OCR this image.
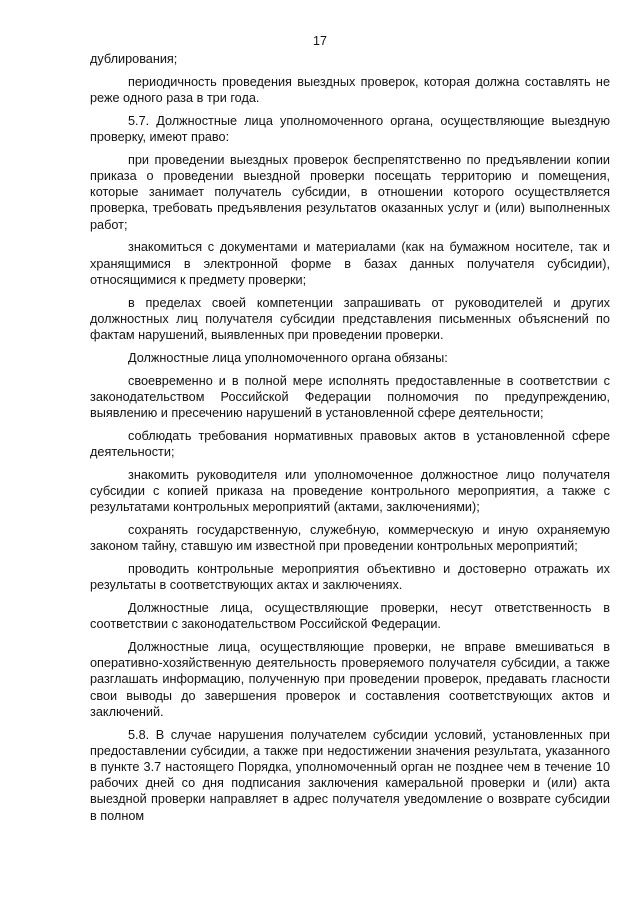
17

дублирования;

периодичность проведения выездных проверок, которая должна составлять не реже одного раза в три года.

5.7. Должностные лица уполномоченного органа, осуществляющие выездную проверку, имеют право:

при проведении выездных проверок беспрепятственно по предъявлении копии приказа о проведении выездной проверки посещать территорию и помещения, которые занимает получатель субсидии, в отношении которого осуществляется проверка, требовать предъявления результатов оказанных услуг и (или) выполненных работ;

знакомиться с документами и материалами (как на бумажном носителе, так и хранящимися в электронной форме в базах данных получателя субсидии), относящимися к предмету проверки;

в пределах своей компетенции запрашивать от руководителей и других должностных лиц получателя субсидии представления письменных объяснений по фактам нарушений, выявленных при проведении проверки.

Должностные лица уполномоченного органа обязаны:

своевременно и в полной мере исполнять предоставленные в соответствии с законодательством Российской Федерации полномочия по предупреждению, выявлению и пресечению нарушений в установленной сфере деятельности;

соблюдать требования нормативных правовых актов в установленной сфере деятельности;

знакомить руководителя или уполномоченное должностное лицо получателя субсидии с копией приказа на проведение контрольного мероприятия, а также с результатами контрольных мероприятий (актами, заключениями);

сохранять государственную, служебную, коммерческую и иную охраняемую законом тайну, ставшую им известной при проведении контрольных мероприятий;

проводить контрольные мероприятия объективно и достоверно отражать их результаты в соответствующих актах и заключениях.

Должностные лица, осуществляющие проверки, несут ответственность в соответствии с законодательством Российской Федерации.

Должностные лица, осуществляющие проверки, не вправе вмешиваться в оперативно-хозяйственную деятельность проверяемого получателя субсидии, а также разглашать информацию, полученную при проведении проверок, предавать гласности свои выводы до завершения проверок и составления соответствующих актов и заключений.

5.8. В случае нарушения получателем субсидии условий, установленных при предоставлении субсидии, а также при недостижении значения результата, указанного в пункте 3.7 настоящего Порядка, уполномоченный орган не позднее чем в течение 10 рабочих дней со дня подписания заключения камеральной проверки и (или) акта выездной проверки направляет в адрес получателя уведомление о возврате субсидии в полном
